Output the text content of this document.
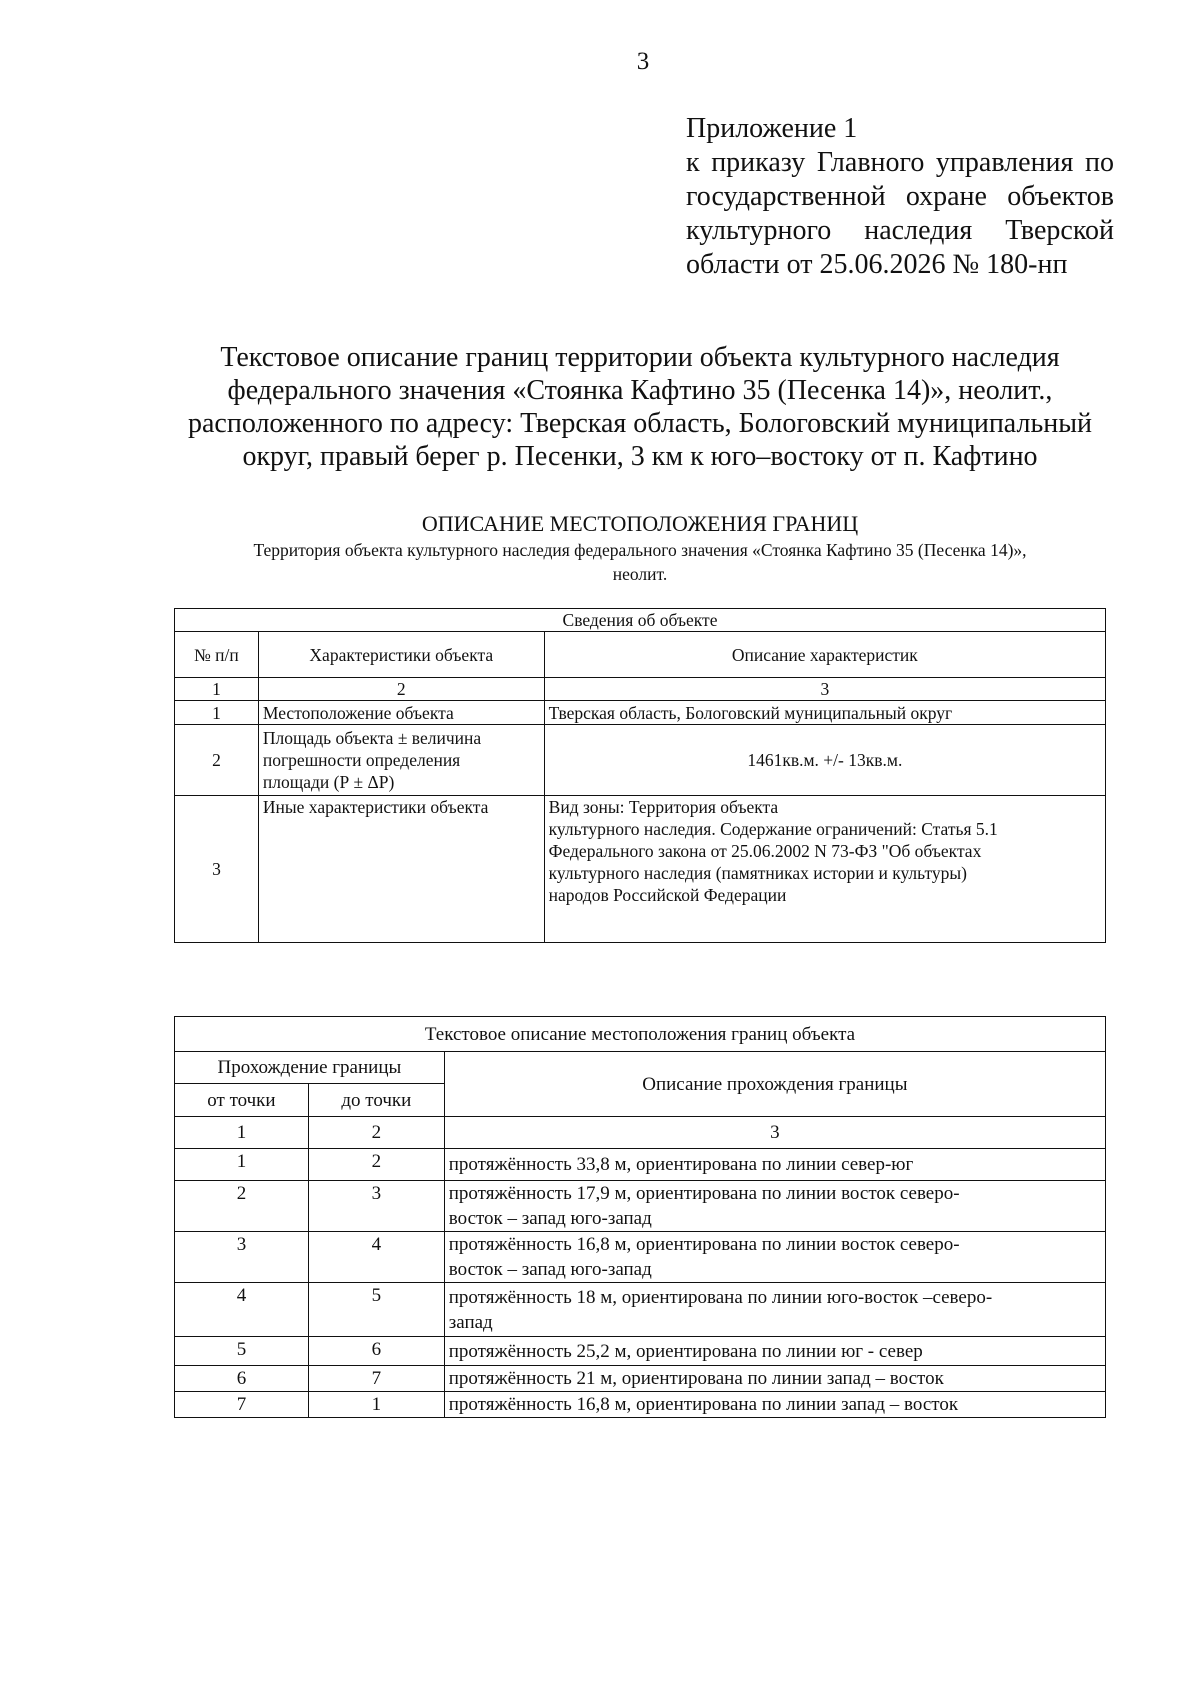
3
Приложение 1
к приказу Главного управления по
государственной охране объектов
культурного наследия Тверской
области от 25.06.2026 № 180-нп
Текстовое описание границ территории объекта культурного наследия
федерального значения «Стоянка Кафтино 35 (Песенка 14)», неолит.,
расположенного по адресу: Тверская область, Бологовский муниципальный
округ, правый берег р. Песенки, 3 км к юго–востоку от п. Кафтино
ОПИСАНИЕ МЕСТОПОЛОЖЕНИЯ ГРАНИЦ
Территория объекта культурного наследия федерального значения «Стоянка Кафтино 35 (Песенка 14)»,
неолит.
Сведения об объекте		
№ п/п	Характеристики объекта	Описание характеристик
1	2	3
1	Местоположение объекта	Тверская область, Бологовский муниципальный округ
2	Площадь объекта ± величина
погрешности определения
площади (Р ± ΔР)	1461кв.м. +/- 13кв.м.
3	Иные характеристики объекта	Вид зоны: Территория объекта
культурного наследия. Содержание ограничений: Статья 5.1
Федерального закона от 25.06.2002 N 73-ФЗ "Об объектах
культурного наследия (памятниках истории и культуры)
народов Российской Федерации
Текстовое описание местоположения границ объекта		
Прохождение границы		Описание прохождения границы
от точки	до точки	
1	2	3
1	2	протяжённость 33,8 м, ориентирована по линии север-юг

2	3	протяжённость 17,9 м, ориентирована по линии восток северо-
восток – запад юго-запад

3	4	протяжённость 16,8 м, ориентирована по линии восток северо-
восток – запад юго-запад

4	5	протяжённость 18 м, ориентирована по линии юго-восток –северо-
запад

5	6	протяжённость 25,2 м, ориентирована по линии юг - север

6	7	протяжённость 21 м, ориентирована по линии запад – восток

7	1	протяжённость 16,8 м, ориентирована по линии запад – восток
